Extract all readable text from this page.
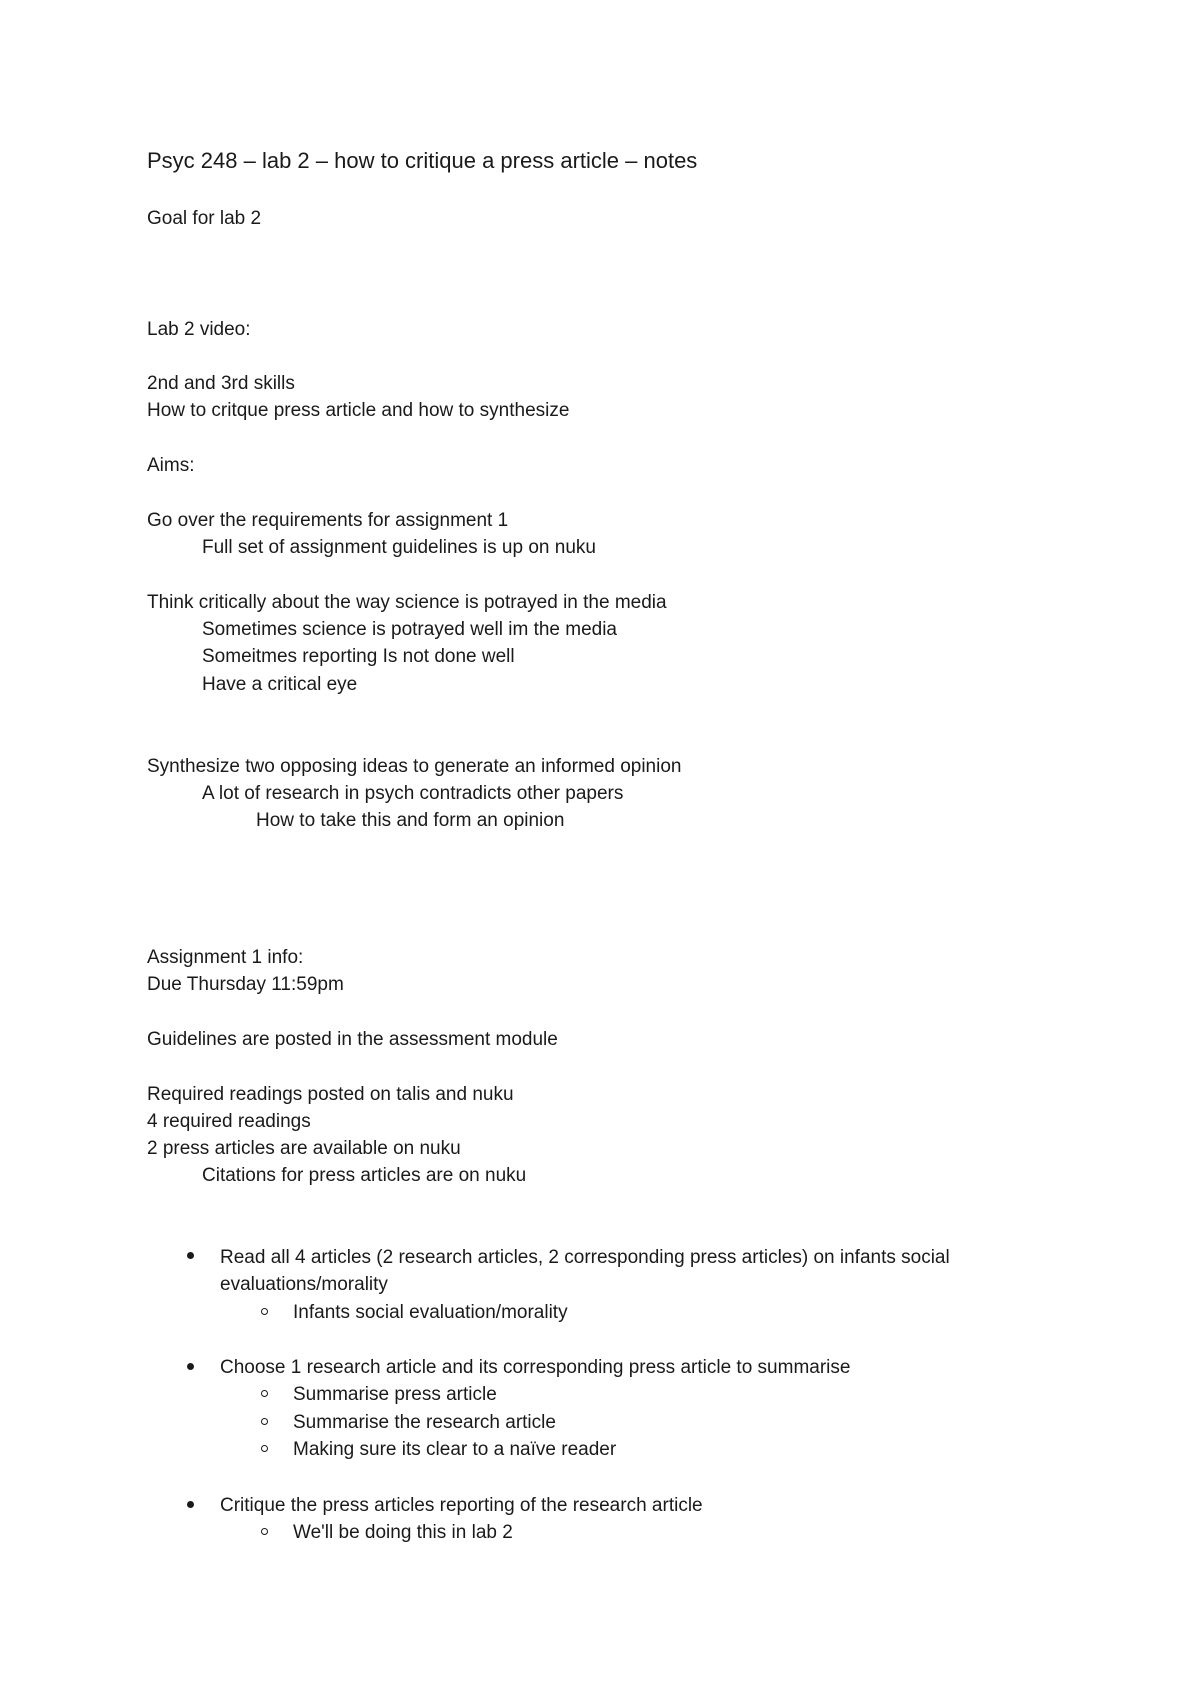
Psyc 248 – lab 2 – how to critique a press article – notes

Goal for lab 2

Lab 2 video:

2nd and 3rd skills

How to critque press article and how to synthesize

Aims:

Go over the requirements for assignment 1

Full set of assignment guidelines is up on nuku

Think critically about the way science is potrayed in the media

Sometimes science is potrayed well im the media

Someitmes reporting Is not done well

Have a critical eye

Synthesize two opposing ideas to generate an informed opinion

A lot of research in psych contradicts other papers

How to take this and form an opinion

Assignment 1 info:

Due Thursday 11:59pm

Guidelines are posted in the assessment module

Required readings posted on talis and nuku

4 required readings

2 press articles are available on nuku

Citations for press articles are on nuku

Read all 4 articles (2 research articles, 2 corresponding press articles) on infants social

evaluations/morality

Infants social evaluation/morality

Choose 1 research article and its corresponding press article to summarise

Summarise press article

Summarise the research article

Making sure its clear to a naïve reader

Critique the press articles reporting of the research article

We'll be doing this in lab 2
